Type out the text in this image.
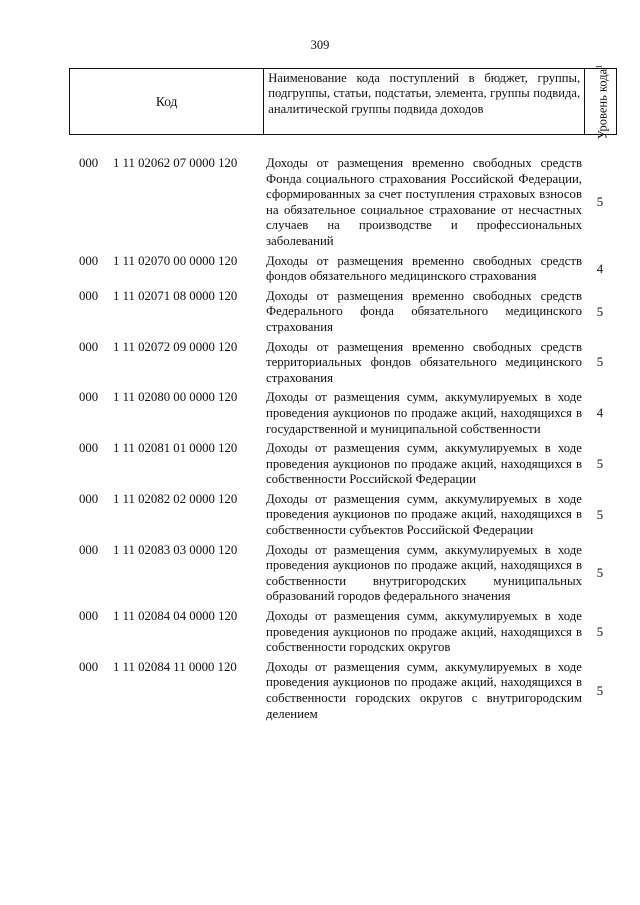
309
Код
Наименование кода поступлений в бюджет, группы, подгруппы, статьи, подстатьи, элемента, группы подвида, аналитической группы подвида доходов	Уровень кода$^1$
000 1 11 02062 07 0000 120 Доходы от размещения временно свободных средств Фонда социального страхования Российской Федерации, сформированных за счет поступления страховых взносов на обязательное социальное страхование от несчастных случаев на производстве и профессиональных заболеваний
5
000 1 11 02070 00 0000 120 Доходы от размещения временно свободных средств фондов обязательного медицинского страхования
4
000 1 11 02071 08 0000 120 Доходы от размещения временно свободных средств Федерального фонда обязательного медицинского страхования
5
000 1 11 02072 09 0000 120 Доходы от размещения временно свободных средств территориальных фондов обязательного медицинского страхования
5
000 1 11 02080 00 0000 120 Доходы от размещения сумм, аккумулируемых в ходе проведения аукционов по продаже акций, находящихся в государственной и муниципальной собственности
4
000 1 11 02081 01 0000 120 Доходы от размещения сумм, аккумулируемых в ходе проведения аукционов по продаже акций, находящихся в собственности Российской Федерации
5
000 1 11 02082 02 0000 120 Доходы от размещения сумм, аккумулируемых в ходе проведения аукционов по продаже акций, находящихся в собственности субъектов Российской Федерации
5
000 1 11 02083 03 0000 120 Доходы от размещения сумм, аккумулируемых в ходе проведения аукционов по продаже акций, находящихся в собственности внутригородских муниципальных образований городов федерального значения
5
000 1 11 02084 04 0000 120 Доходы от размещения сумм, аккумулируемых в ходе проведения аукционов по продаже акций, находящихся в собственности городских округов
5
000 1 11 02084 11 0000 120 Доходы от размещения сумм, аккумулируемых в ходе проведения аукционов по продаже акций, находящихся в собственности городских округов с внутригородским делением
5
